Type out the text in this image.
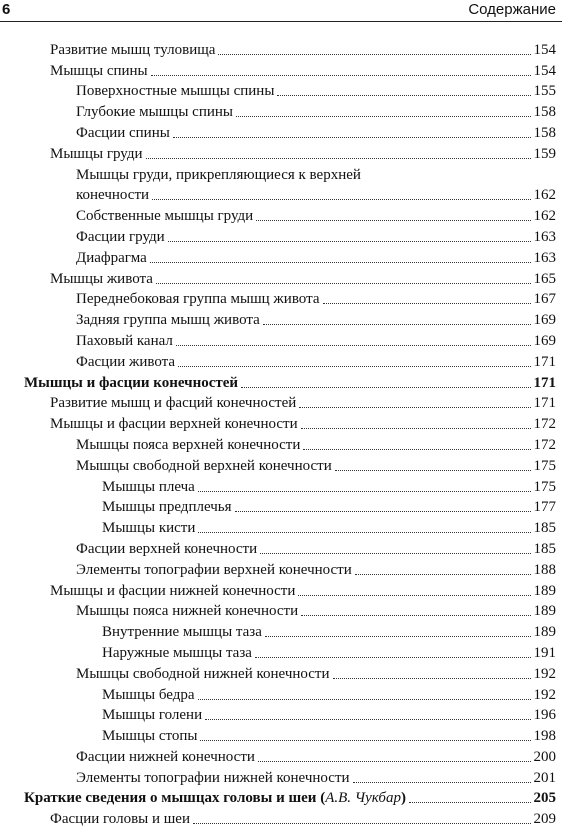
6	Содержание
Развитие мышц туловища	154
Мышцы спины	154
Поверхностные мышцы спины	155
Глубокие мышцы спины	158
Фасции спины	158
Мышцы груди	159
Мышцы груди, прикрепляющиеся к верхней
конечности	162
Собственные мышцы груди	162
Фасции груди	163
Диафрагма	163
Мышцы живота	165
Переднебоковая группа мышц живота	167
Задняя группа мышц живота	169
Паховый канал	169
Фасции живота	171
Мышцы и фасции конечностей	171
Развитие мышц и фасций конечностей	171
Мышцы и фасции верхней конечности	172
Мышцы пояса верхней конечности	172
Мышцы свободной верхней конечности	175
Мышцы плеча	175
Мышцы предплечья	177
Мышцы кисти	185
Фасции верхней конечности	185
Элементы топографии верхней конечности	188
Мышцы и фасции нижней конечности	189
Мышцы пояса нижней конечности	189
Внутренние мышцы таза	189
Наружные мышцы таза	191
Мышцы свободной нижней конечности	192
Мышцы бедра	192
Мышцы голени	196
Мышцы стопы	198
Фасции нижней конечности	200
Элементы топографии нижней конечности	201
Краткие сведения о мышцах головы и шеи (А.В. Чукбар)	205
Фасции головы и шеи	209
